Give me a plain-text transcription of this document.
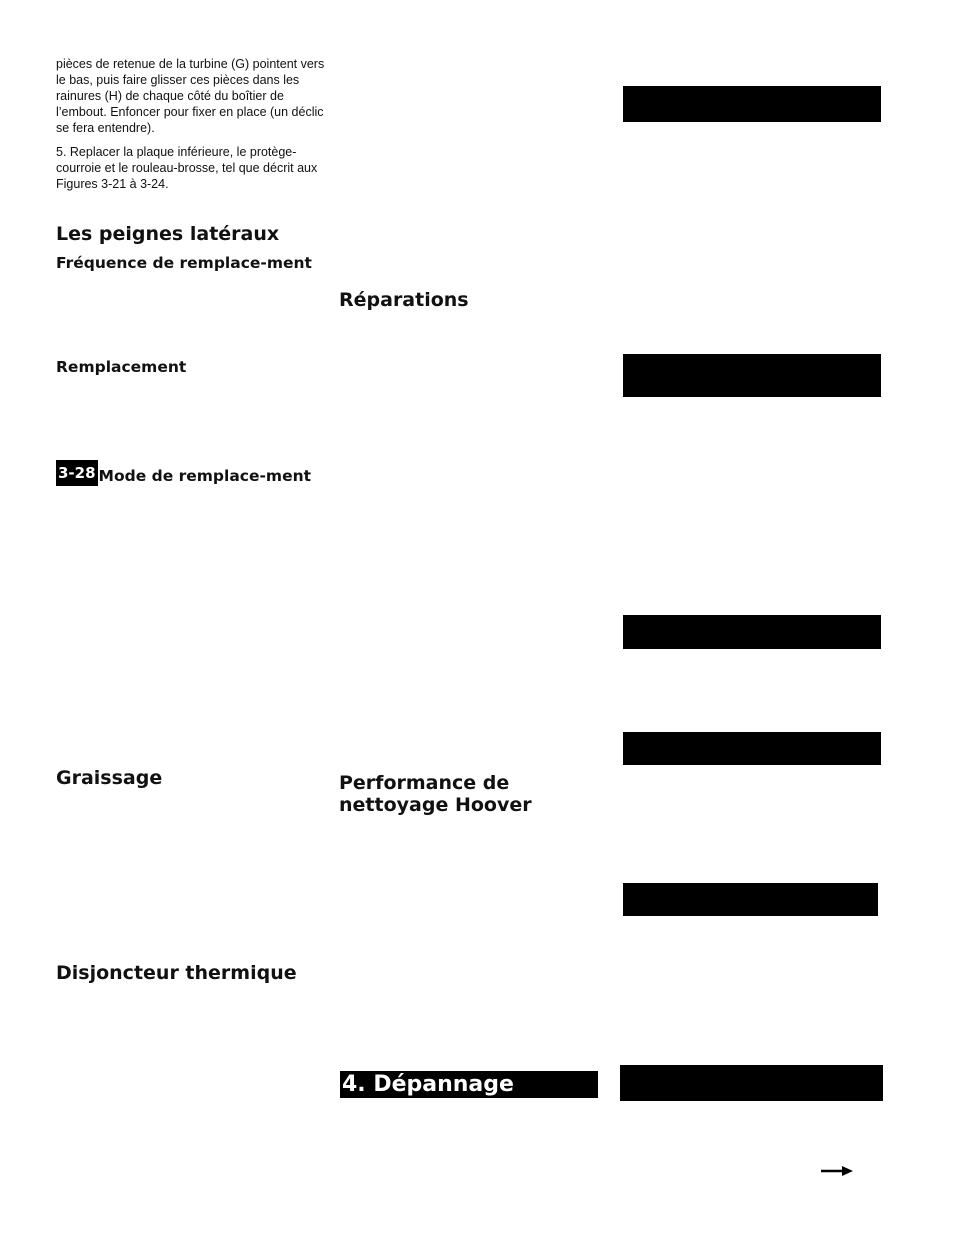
pièces de retenue de la turbine (G) pointent vers le bas, puis faire glisser ces pièces dans les rainures (H) de chaque côté du boîtier de l’embout. Enfoncer pour fixer en place (un déclic se fera entendre).

5. Replacer la plaque inférieure, le protège-courroie et le rouleau-brosse, tel que décrit aux Figures 3-21 à 3-24.

Les peignes latéraux
Fréquence de remplace-ment
Remplacement
3-28 Mode de remplace-ment
Graissage
Disjoncteur thermique
Réparations
Performance de nettoyage Hoover
4. Dépannage
